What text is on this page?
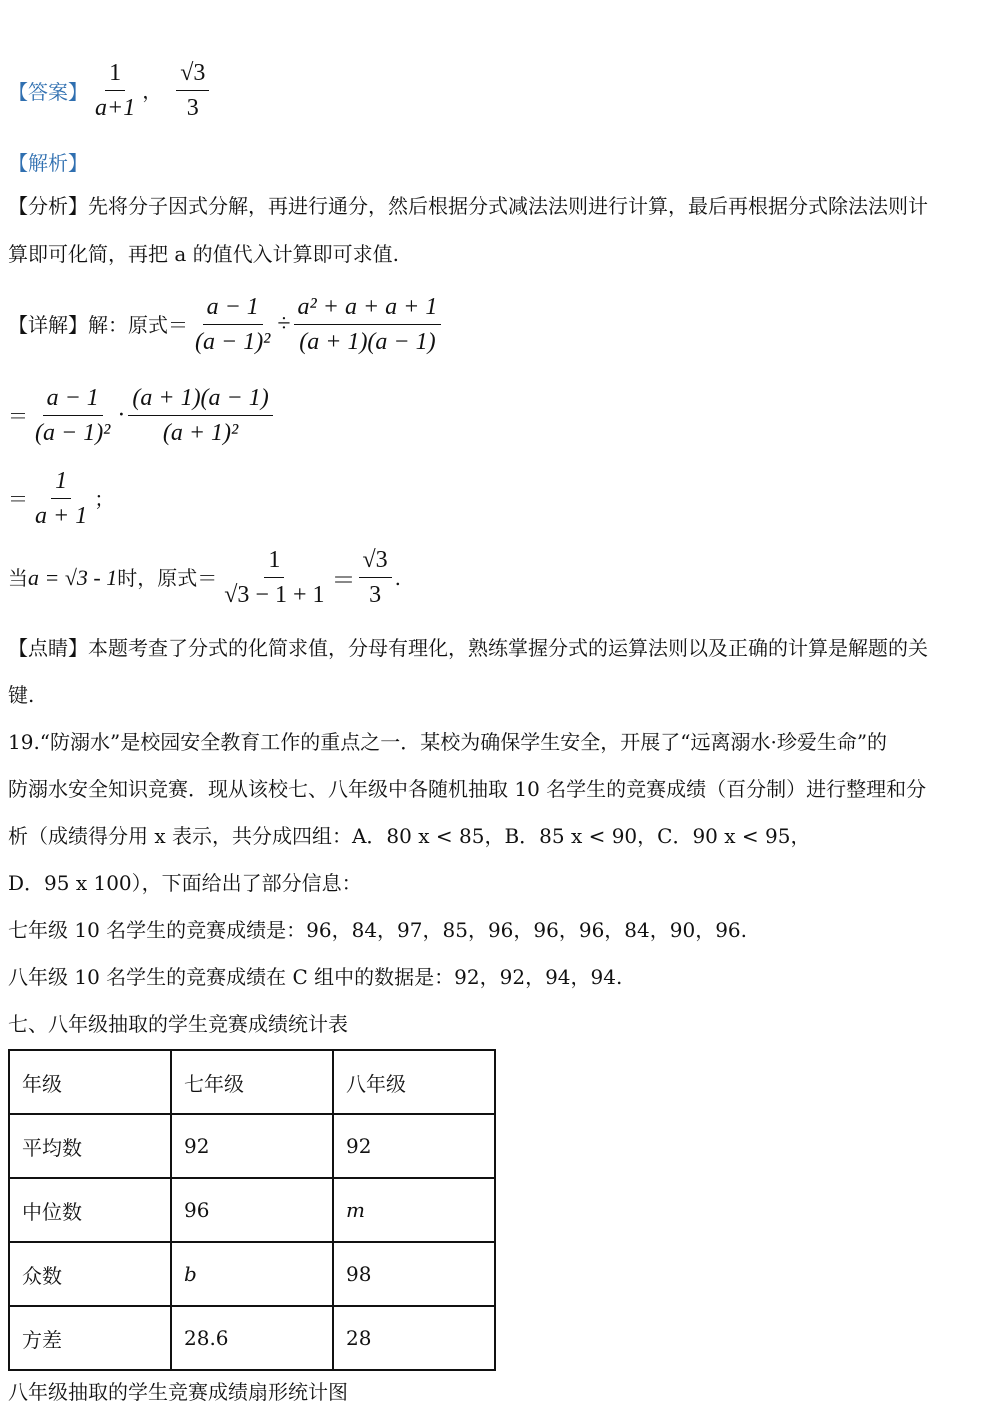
【答案】 $\frac{1}{a+1}$ ， $\frac{√3}{3}$
【解析】
【分析】先将分子因式分解，再进行通分，然后根据分式减法法则进行计算，最后再根据分式除法法则计
算即可化简，再把 a 的值代入计算即可求值.
【详解】 解：原式＝ $\frac{a - 1}{\text{(a − 1)²}} \div \frac{\text{a² + a + a + 1}}{(a + 1)(a - 1)}$
＝ $\frac{a - 1}{\text{(a − 1)²}} \cdot \frac{(a + 1)(a - 1)}{\text{(a + 1)²}}$
＝ $\frac{1}{a + 1}$ ；
当 a = √3 - 1 时，原式＝ $\frac{1}{√3 - 1 + 1} = \frac{√3}{3}$ .
【点睛】本题考查了分式的化简求值，分母有理化，熟练掌握分式的运算法则以及正确的计算是解题的关
键.
19.“防溺水”是校园安全教育工作的重点之一．某校为确保学生安全，开展了“远离溺水·珍爱生命”的
防溺水安全知识竞赛．现从该校七、八年级中各随机抽取 10 名学生的竞赛成绩（百分制）进行整理和分
析（成绩得分用 x 表示，共分成四组：A．80 x < 85，B．85 x < 90，C．90 x < 95，
D．95 x 100），下面给出了部分信息：
七年级 10 名学生的竞赛成绩是：96，84，97，85，96，96，96，84，90，96.
八年级 10 名学生的竞赛成绩在 C 组中的数据是：92，92，94，94.
七、八年级抽取的学生竞赛成绩统计表
年级	七年级	八年级
平均数	92	92
中位数	96	m
众数	b	98
方差	28.6	28
八年级抽取的学生竞赛成绩扇形统计图
